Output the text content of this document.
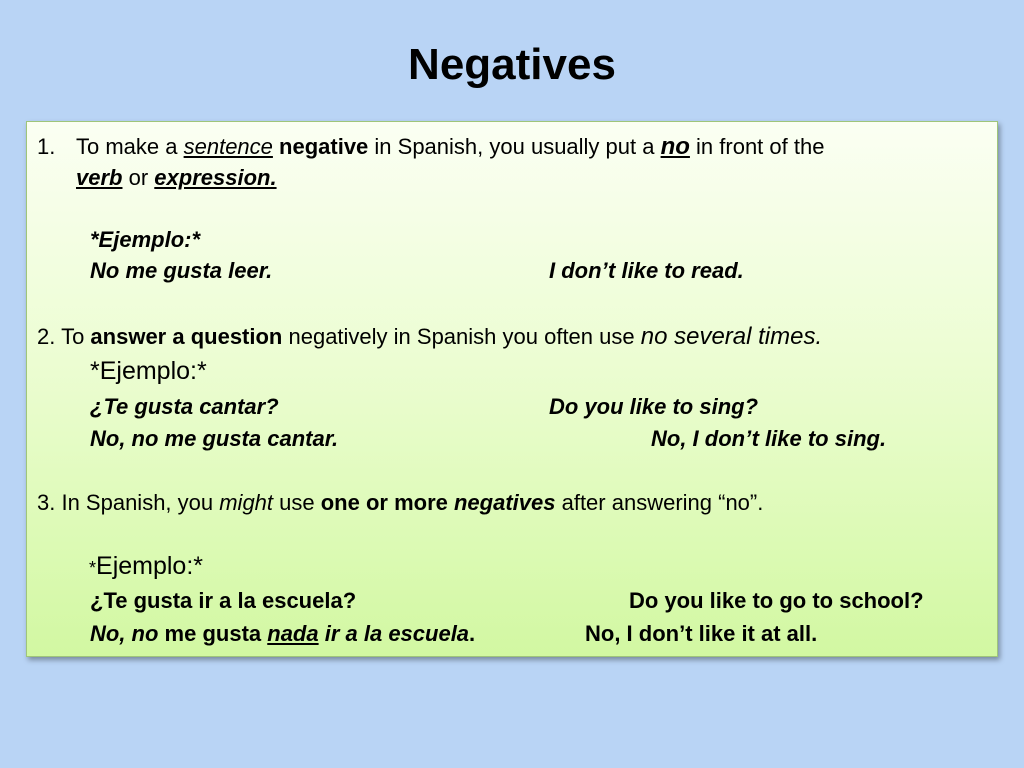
Negatives
1. To make a sentence negative in Spanish, you usually put a no in front of the
verb or expression.
*Ejemplo:*
No me gusta leer.	I don’t like to read.
2. To answer a question negatively in Spanish you often use no several times.
*Ejemplo:*
¿Te gusta cantar?	Do you like to sing?
No, no me gusta cantar.	No, I don’t like to sing.
3. In Spanish, you might use one or more negatives after answering “no”.
*Ejemplo:*
¿Te gusta ir a la escuela?	Do you like to go to school?
No, no me gusta nada ir a la escuela.	No, I don’t like it at all.
